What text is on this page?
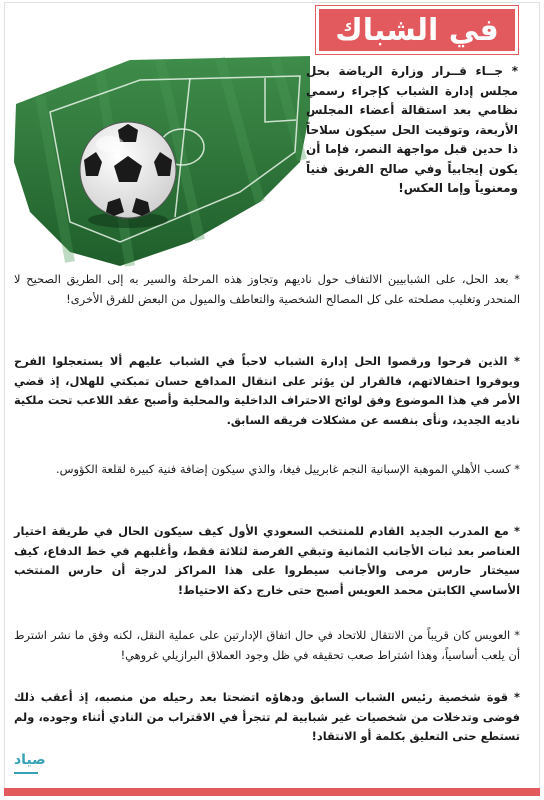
في الشباك
* جــاء قــرار وزارة الرياضة بحل مجلس إدارة الشباب كإجراء رسمي نظامي بعد استقالة أعضاء المجلس الأربعة، وتوقيت الحل سيكون سلاحاً ذا حدين قبل مواجهة النصر، فإما أن يكون إيجابياً وفي صالح الفريق فنياً ومعنوياً وإما العكس!
* بعد الحل، على الشبابيين الالتفاف حول ناديهم وتجاوز هذه المرحلة والسير به إلى الطريق الصحيح لا المنحدر وتغليب مصلحته على كل المصالح الشخصية والتعاطف والميول من البعض للفرق الأخرى!
* الذين فرحوا ورقصوا الحل إدارة الشباب لاحباً في الشباب عليهم ألا يستعجلوا الفرح ويوفروا احتفالاتهم، فالقرار لن يؤثر على انتقال المدافع حسان تمبكتي للهلال، إذ قضي الأمر في هذا الموضوع وفق لوائح الاحتراف الداخلية والمحلية وأصبح عقد اللاعب تحت ملكية ناديه الجديد، ونأى بنفسه عن مشكلات فريقه السابق.
* كسب الأهلي الموهبة الإسبانية النجم غابرييل فيغا، والذي سيكون إضافة فنية كبيرة لقلعة الكؤوس.
* مع المدرب الجديد القادم للمنتخب السعودي الأول كيف سيكون الحال في طريقة اختيار العناصر بعد ثبات الأجانب الثمانية وتبقي الفرصة لثلاثة فقط، وأغلبهم في خط الدفاع، كيف سيختار حارس مرمى والأجانب سيطروا على هذا المراكز لدرجة أن حارس المنتخب الأساسي الكابتن محمد العويس أصبح حتى خارج دكة الاحتياط!
* العويس كان قريباً من الانتقال للاتحاد في حال اتفاق الإدارتين على عملية النقل، لكنه وفق ما نشر اشترط أن يلعب أساسياً، وهذا اشتراط صعب تحقيقه في ظل وجود العملاق البرازيلي غروهي!
* قوة شخصية رئيس الشباب السابق ودهاؤه اتضحتا بعد رحيله من منصبه، إذ أعقب ذلك فوضى وتدخلات من شخصيات غير شبابية لم تتجرأ في الاقتراب من النادي أثناء وجوده، ولم تستطع حتى التعليق بكلمة أو الانتقاد!
صياد
